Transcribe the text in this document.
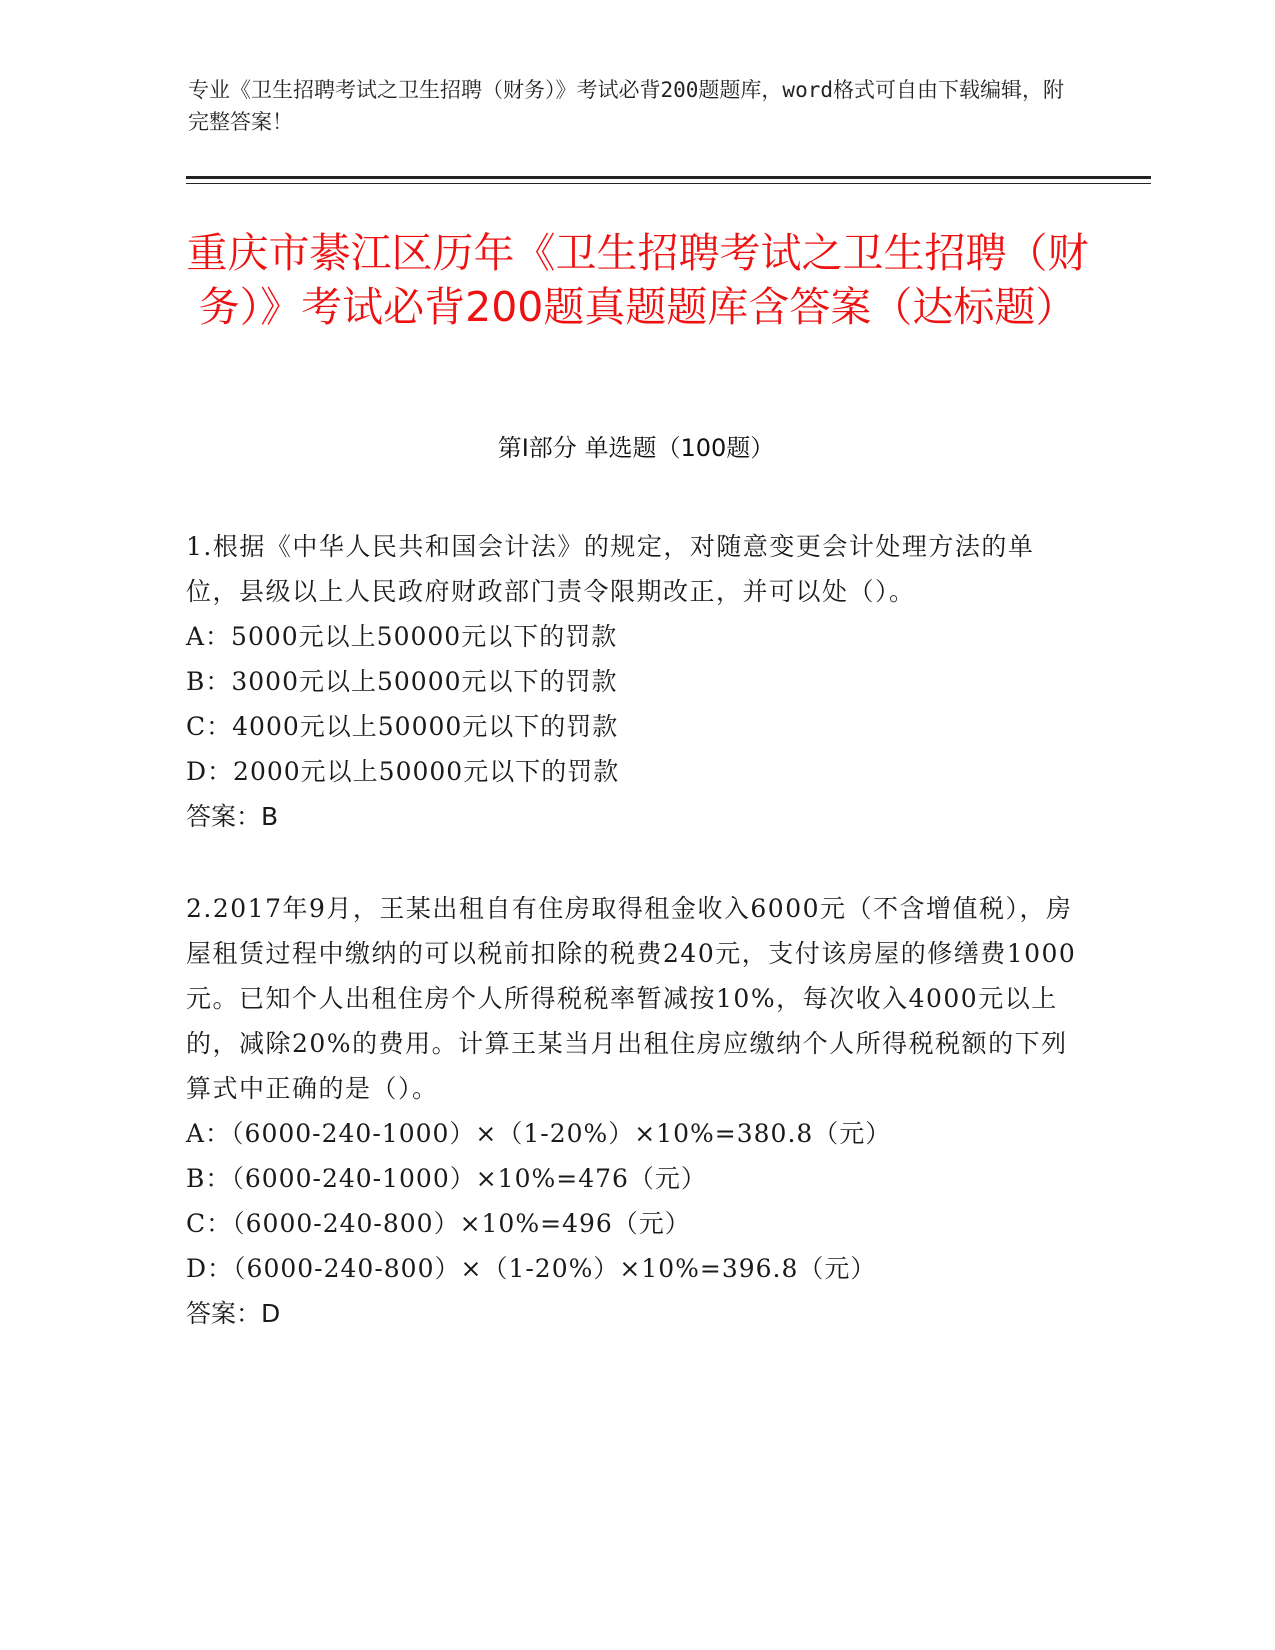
专业《卫生招聘考试之卫生招聘（财务）》考试必背200题题库，word格式可自由下载编辑，附完整答案！
重庆市綦江区历年《卫生招聘考试之卫生招聘（财务）》考试必背200题真题题库含答案（达标题）
第Ⅰ部分 单选题（100题）

1.根据《中华人民共和国会计法》的规定，对随意变更会计处理方法的单位，县级以上人民政府财政部门责令限期改正，并可以处（）。

A：5000元以上50000元以下的罚款
B：3000元以上50000元以下的罚款
C：4000元以上50000元以下的罚款
D：2000元以上50000元以下的罚款
答案：B

2.2017年9月，王某出租自有住房取得租金收入6000元（不含增值税），房屋租赁过程中缴纳的可以税前扣除的税费240元，支付该房屋的修缮费1000元。已知个人出租住房个人所得税税率暂减按10%，每次收入4000元以上的，减除20%的费用。计算王某当月出租住房应缴纳个人所得税税额的下列算式中正确的是（）。

A：（6000-240-1000）×（1-20%）×10%=380.8（元）
B：（6000-240-1000）×10%=476（元）
C：（6000-240-800）×10%=496（元）
D：（6000-240-800）×（1-20%）×10%=396.8（元）
答案：D
